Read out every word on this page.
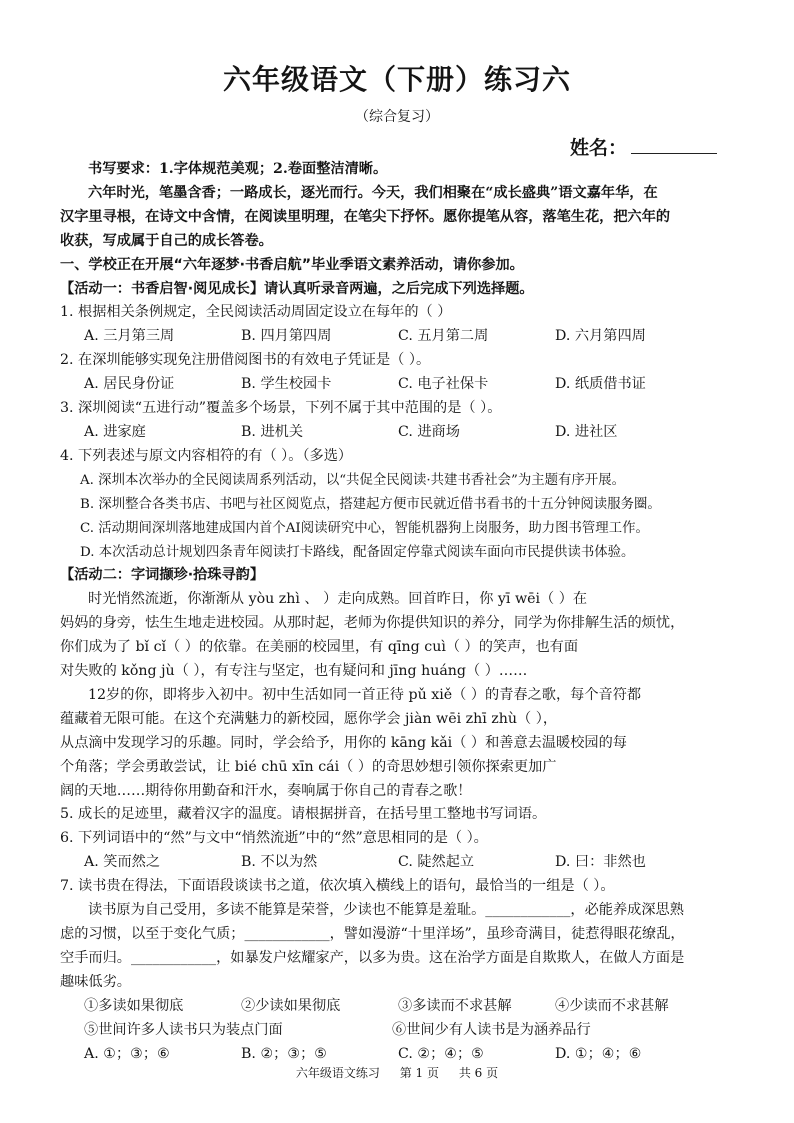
六年级语文（下册）练习六
（综合复习）
姓名：
书写要求：1.字体规范美观；2.卷面整洁清晰。
六年时光，笔墨含香；一路成长，逐光而行。今天，我们相聚在“成长盛典”语文嘉年华，在
汉字里寻根，在诗文中含情，在阅读里明理，在笔尖下抒怀。愿你提笔从容，落笔生花，把六年的
收获，写成属于自己的成长答卷。
一、学校正在开展“六年逐梦·书香启航”毕业季语文素养活动，请你参加。
【活动一：书香启智·阅见成长】请认真听录音两遍，之后完成下列选择题。
1. 根据相关条例规定，全民阅读活动周固定设立在每年的（ ）
A. 三月第三周	B. 四月第四周	C. 五月第二周	D. 六月第四周
2. 在深圳能够实现免注册借阅图书的有效电子凭证是（ ）。
A. 居民身份证	B. 学生校园卡	C. 电子社保卡	D. 纸质借书证
3. 深圳阅读“五进行动”覆盖多个场景，下列不属于其中范围的是（ ）。
A. 进家庭	B. 进机关	C. 进商场	D. 进社区
4. 下列表述与原文内容相符的有（ ）。（多选）
A. 深圳本次举办的全民阅读周系列活动，以“共促全民阅读·共建书香社会”为主题有序开展。
B. 深圳整合各类书店、书吧与社区阅览点，搭建起方便市民就近借书看书的十五分钟阅读服务圈。
C. 活动期间深圳落地建成国内首个AI阅读研究中心，智能机器狗上岗服务，助力图书管理工作。
D. 本次活动总计规划四条青年阅读打卡路线，配备固定停靠式阅读车面向市民提供读书体验。
【活动二：字词撷珍·拾珠寻韵】
时光悄然流逝，你渐渐从 yòu zhì 、 ）走向成熟。回首昨日，你 yī wēi（ ）在
妈妈的身旁，怯生生地走进校园。从那时起，老师为你提供知识的养分，同学为你排解生活的烦忧，
你们成为了 bǐ cǐ（ ）的依靠。在美丽的校园里，有 qīng cuì（ ）的笑声，也有面
对失败的 kǒng jù（ ），有专注与坚定，也有疑问和 jīng huáng（ ）……
12岁的你，即将步入初中。初中生活如同一首正待 pǔ xiě（ ）的青春之歌，每个音符都
蕴藏着无限可能。在这个充满魅力的新校园，愿你学会 jiàn wēi zhī zhù（ ），
从点滴中发现学习的乐趣。同时，学会给予，用你的 kāng kǎi（ ）和善意去温暖校园的每
个角落；学会勇敢尝试，让 bié chū xīn cái（ ）的奇思妙想引领你探索更加广
阔的天地……期待你用勤奋和汗水，奏响属于你自己的青春之歌！
5. 成长的足迹里，藏着汉字的温度。请根据拼音，在括号里工整地书写词语。
6. 下列词语中的“然”与文中“悄然流逝”中的“然”意思相同的是（ ）。
A. 笑而然之	B. 不以为然	C. 陡然起立	D. 曰：非然也
7. 读书贵在得法，下面语段谈读书之道，依次填入横线上的语句，最恰当的一组是（ ）。
读书原为自己受用，多读不能算是荣誉，少读也不能算是羞耻。____________，必能养成深思熟
虑的习惯，以至于变化气质；____________，譬如漫游“十里洋场”，虽珍奇满目，徒惹得眼花缭乱，
空手而归。____________，如暴发户炫耀家产，以多为贵。这在治学方面是自欺欺人，在做人方面是
趣味低劣。
①多读如果彻底	②少读如果彻底	③多读而不求甚解	④少读而不求甚解
⑤世间许多人读书只为装点门面	⑥世间少有人读书是为涵养品行
A. ①；③；⑥	B. ②；③；⑤	C. ②；④；⑤	D. ①；④；⑥
六年级语文练习 第 1 页 共 6 页
